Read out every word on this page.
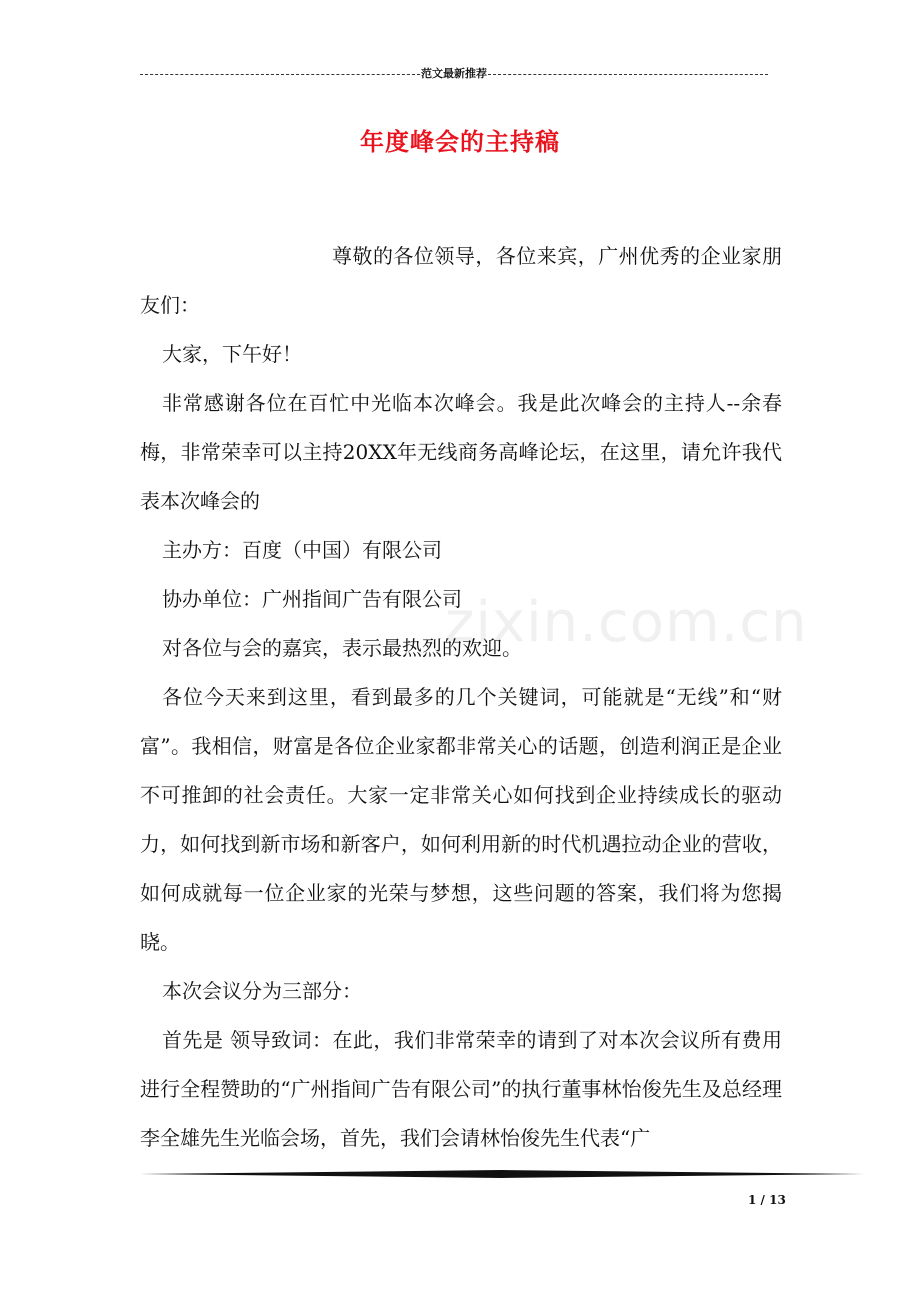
范文最新推荐
年度峰会的主持稿

尊敬的各位领导，各位来宾，广州优秀的企业家朋友们：

大家，下午好！

非常感谢各位在百忙中光临本次峰会。我是此次峰会的主持人--余春梅，非常荣幸可以主持20XX年无线商务高峰论坛，在这里，请允许我代表本次峰会的

主办方：百度（中国）有限公司

协办单位：广州指间广告有限公司

对各位与会的嘉宾，表示最热烈的欢迎。

各位今天来到这里，看到最多的几个关键词，可能就是“无线”和“财富”。我相信，财富是各位企业家都非常关心的话题，创造利润正是企业不可推卸的社会责任。大家一定非常关心如何找到企业持续成长的驱动力，如何找到新市场和新客户，如何利用新的时代机遇拉动企业的营收，如何成就每一位企业家的光荣与梦想，这些问题的答案，我们将为您揭晓。

本次会议分为三部分：

首先是 领导致词：在此，我们非常荣幸的请到了对本次会议所有费用进行全程赞助的“广州指间广告有限公司”的执行董事林怡俊先生及总经理李全雄先生光临会场，首先，我们会请林怡俊先生代表“广

zixin.com.cn
1 / 13
